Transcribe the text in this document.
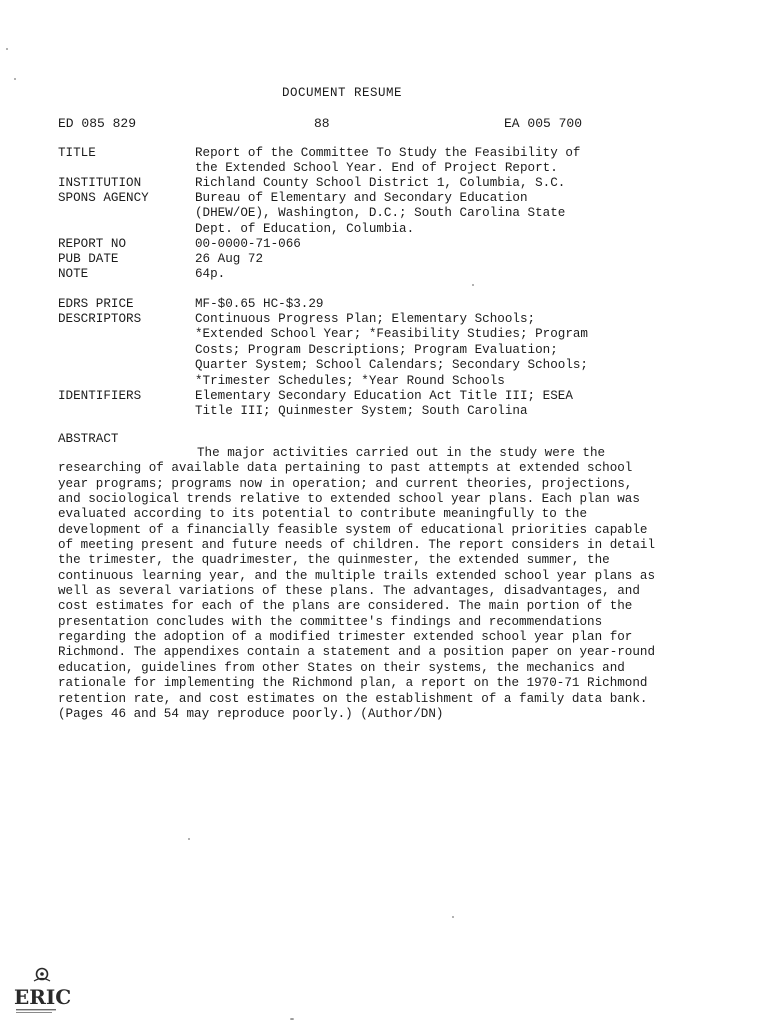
DOCUMENT RESUME
ED 085 829	88	EA 005 700
TITLE	Report of the Committee To Study the Feasibility of
the Extended School Year. End of Project Report.
INSTITUTION	Richland County School District 1, Columbia, S.C.
SPONS AGENCY	Bureau of Elementary and Secondary Education
(DHEW/OE), Washington, D.C.; South Carolina State
Dept. of Education, Columbia.
REPORT NO	00-0000-71-066
PUB DATE	26 Aug 72
NOTE	64p.
EDRS PRICE	MF-$0.65 HC-$3.29
DESCRIPTORS	Continuous Progress Plan; Elementary Schools;
*Extended School Year; *Feasibility Studies; Program
Costs; Program Descriptions; Program Evaluation;
Quarter System; School Calendars; Secondary Schools;
*Trimester Schedules; *Year Round Schools
IDENTIFIERS	Elementary Secondary Education Act Title III; ESEA
Title III; Quinmester System; South Carolina
ABSTRACT

The major activities carried out in the study were the researching of available data pertaining to past attempts at extended school year programs; programs now in operation; and current theories, projections, and sociological trends relative to extended school year plans. Each plan was evaluated according to its potential to contribute meaningfully to the development of a financially feasible system of educational priorities capable of meeting present and future needs of children. The report considers in detail the trimester, the quadrimester, the quinmester, the extended summer, the continuous learning year, and the multiple trails extended school year plans as well as several variations of these plans. The advantages, disadvantages, and cost estimates for each of the plans are considered. The main portion of the presentation concludes with the committee's findings and recommendations regarding the adoption of a modified trimester extended school year plan for Richmond. The appendixes contain a statement and a position paper on year-round education, guidelines from other States on their systems, the mechanics and rationale for implementing the Richmond plan, a report on the 1970-71 Richmond retention rate, and cost estimates on the establishment of a family data bank. (Pages 46 and 54 may reproduce poorly.) (Author/DN)

ERIC
